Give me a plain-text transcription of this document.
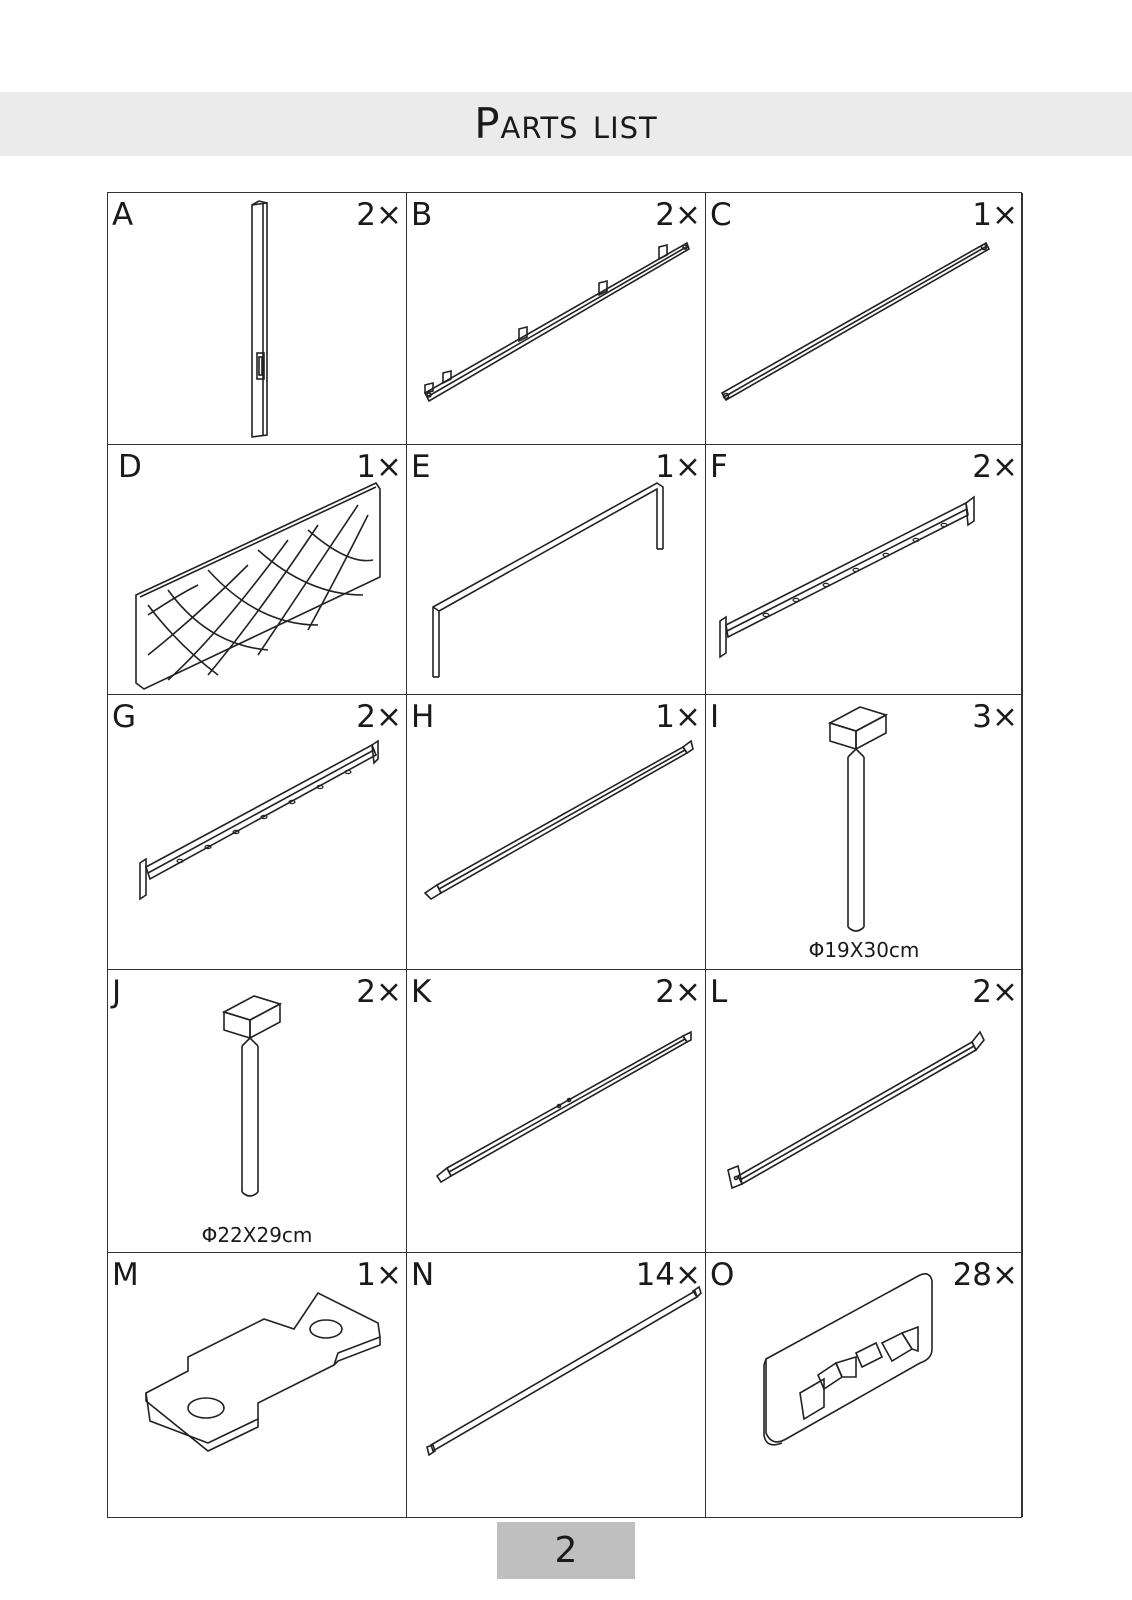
Parts list
A	2× B	2× C	1×
D	1× E	1× F	2×
G	2× H	1× I	3×
Φ19X30cm
J	2×
Φ22X29cm
K	2× L	2×
M	1× N	14× O	28×
2
